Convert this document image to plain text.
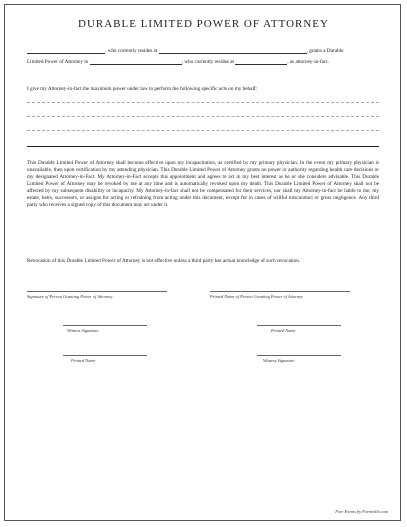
DURABLE LIMITED POWER OF ATTORNEY
, who currently resides at	, grants a Durable
Limited Power of Attorney to	, who currently resides at	, as attorney-in-fact.
I give my Attorney-in-fact the maximum power under law to perform the following specific acts on my behalf:
This Durable Limited Power of Attorney shall become effective upon my incapacitation, as certified by my primary physician. In the event my primary physician is unavailable, then upon certification by my attending physician. This Durable Limited Power of Attorney grants no power or authority regarding health care decisions or my designated Attorney-in-Fact. My Attorney-in-Fact accepts this appointment and agrees to act in my best interest as he or she considers advisable. This Durable Limited Power of Attorney may be revoked by me at any time and is automatically revoked upon my death. This Durable Limited Power of Attorney shall not be affected by my subsequent disability or incapacity. My Attorney-in-fact shall not be compensated for their services, nor shall my Attorney-in-fact be liable to me, my estate, heirs, successors, or assigns for acting or refraining from acting under this document, except for in cases of willful misconduct or gross negligence. Any third party who receives a signed copy of this document may act under it.
Revocation of this Durable Limited Power of Attorney is not effective unless a third party has actual knowledge of such revocation.
Signature of Person Granting Power of Attorney	Printed Name of Person Granting Power of Attorney
Witness Signature	Printed Name
Printed Name	Witness Signature
Free Forms by Formville.com
